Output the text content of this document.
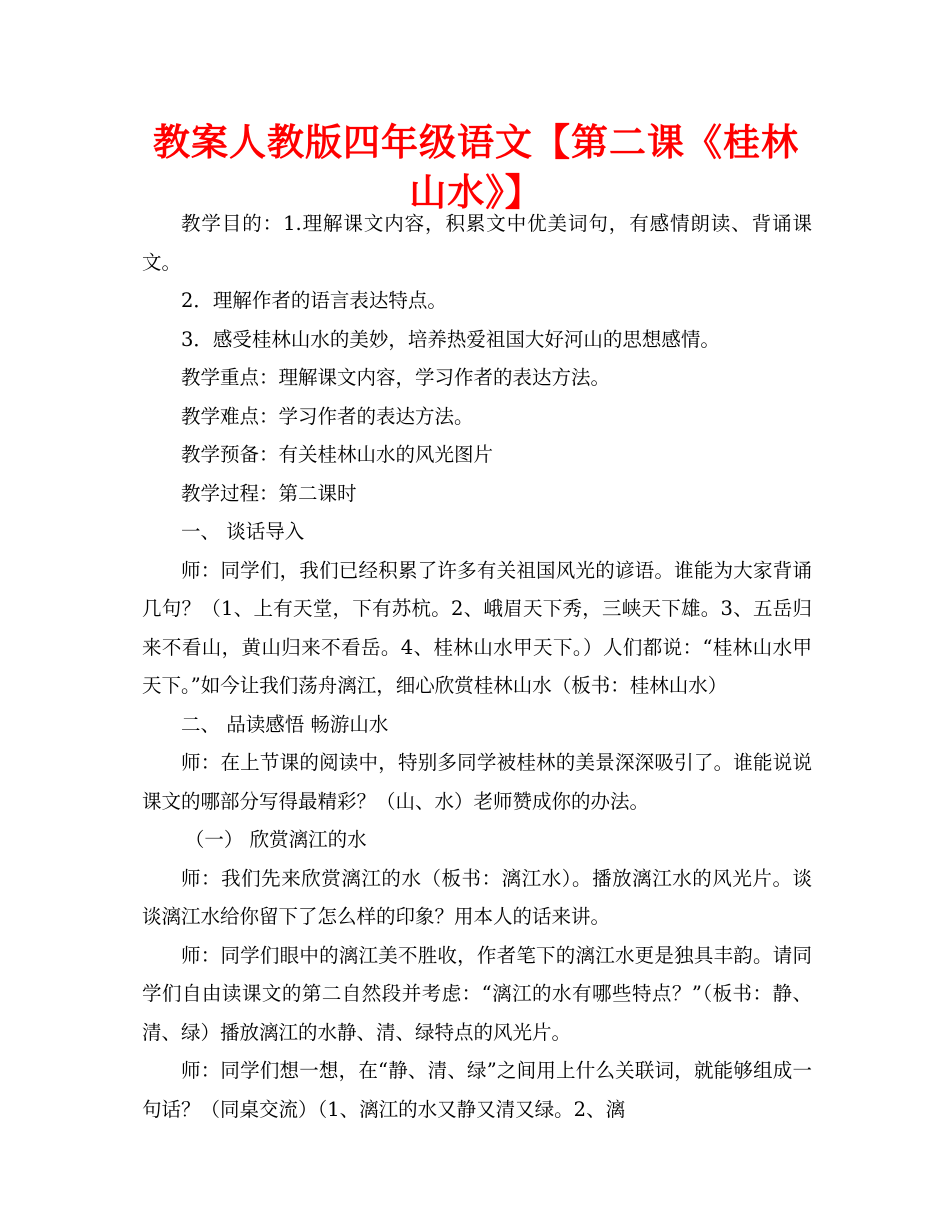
教案人教版四年级语文【第二课《桂林山水》】

教学目的：1.理解课文内容，积累文中优美词句，有感情朗读、背诵课文。

2．理解作者的语言表达特点。

3．感受桂林山水的美妙，培养热爱祖国大好河山的思想感情。

教学重点：理解课文内容，学习作者的表达方法。

教学难点：学习作者的表达方法。

教学预备：有关桂林山水的风光图片

教学过程：第二课时

一、 谈话导入

师：同学们，我们已经积累了许多有关祖国风光的谚语。谁能为大家背诵几句？（1、上有天堂，下有苏杭。2、峨眉天下秀，三峡天下雄。3、五岳归来不看山，黄山归来不看岳。4、桂林山水甲天下。）人们都说：“桂林山水甲天下。”如今让我们荡舟漓江，细心欣赏桂林山水（板书：桂林山水）

二、 品读感悟 畅游山水

师：在上节课的阅读中，特别多同学被桂林的美景深深吸引了。谁能说说课文的哪部分写得最精彩？（山、水）老师赞成你的办法。

（一） 欣赏漓江的水

师：我们先来欣赏漓江的水（板书：漓江水）。播放漓江水的风光片。谈谈漓江水给你留下了怎么样的印象？用本人的话来讲。

师：同学们眼中的漓江美不胜收，作者笔下的漓江水更是独具丰韵。请同学们自由读课文的第二自然段并考虑：“漓江的水有哪些特点？”（板书：静、清、绿）播放漓江的水静、清、绿特点的风光片。

师：同学们想一想，在“静、清、绿”之间用上什么关联词，就能够组成一句话？（同桌交流）（1、漓江的水又静又清又绿。2、漓
